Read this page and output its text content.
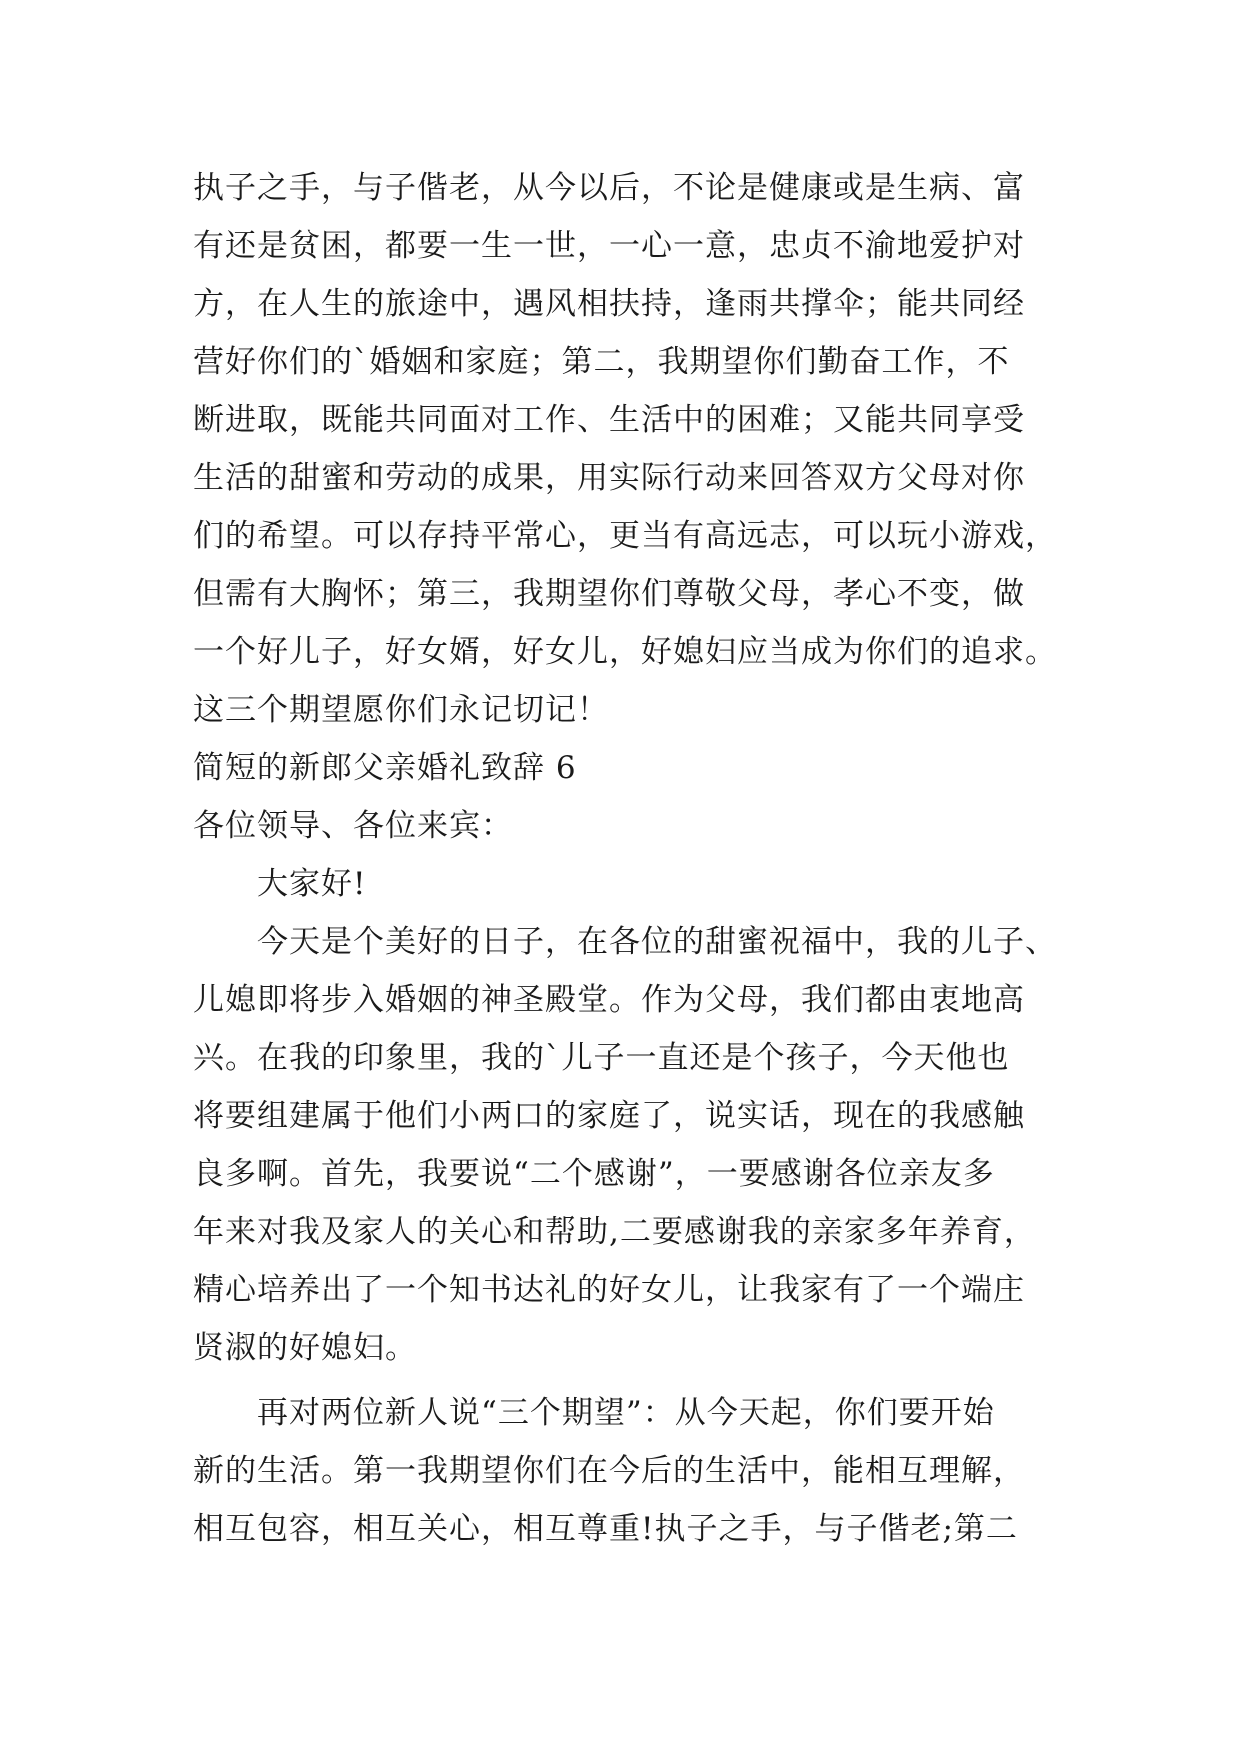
执子之手，与子偕老，从今以后，不论是健康或是生病、富
有还是贫困，都要一生一世，一心一意，忠贞不渝地爱护对
方，在人生的旅途中，遇风相扶持，逢雨共撑伞；能共同经
营好你们的`婚姻和家庭；第二，我期望你们勤奋工作，不
断进取，既能共同面对工作、生活中的困难；又能共同享受
生活的甜蜜和劳动的成果，用实际行动来回答双方父母对你
们的希望。可以存持平常心，更当有高远志，可以玩小游戏，
但需有大胸怀；第三，我期望你们尊敬父母，孝心不变，做
一个好儿子，好女婿，好女儿，好媳妇应当成为你们的追求。
这三个期望愿你们永记切记！
简短的新郎父亲婚礼致辞 6
各位领导、各位来宾：
大家好!
今天是个美好的日子，在各位的甜蜜祝福中，我的儿子、
儿媳即将步入婚姻的神圣殿堂。作为父母，我们都由衷地高
兴。在我的印象里，我的`儿子一直还是个孩子，今天他也
将要组建属于他们小两口的家庭了，说实话，现在的我感触
良多啊。首先，我要说“二个感谢”，一要感谢各位亲友多
年来对我及家人的关心和帮助,二要感谢我的亲家多年养育，
精心培养出了一个知书达礼的好女儿，让我家有了一个端庄
贤淑的好媳妇。
再对两位新人说“三个期望”：从今天起，你们要开始
新的生活。第一我期望你们在今后的生活中，能相互理解，
相互包容，相互关心，相互尊重!执子之手，与子偕老;第二
